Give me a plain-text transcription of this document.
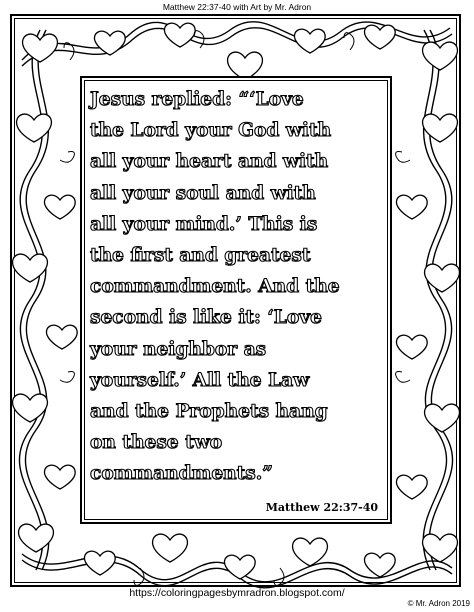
Matthew 22:37-40 with Art by Mr. Adron
Jesus replied: “‘Love
the Lord your God with
all your heart and with
all your soul and with
all your mind.’ This is
the first and greatest
commandment. And the
second is like it: ‘Love
your neighbor as
yourself.’ All the Law
and the Prophets hang
on these two
commandments.”
Matthew 22:37-40
https://coloringpagesbymradron.blogspot.com/
© Mr. Adron 2019
